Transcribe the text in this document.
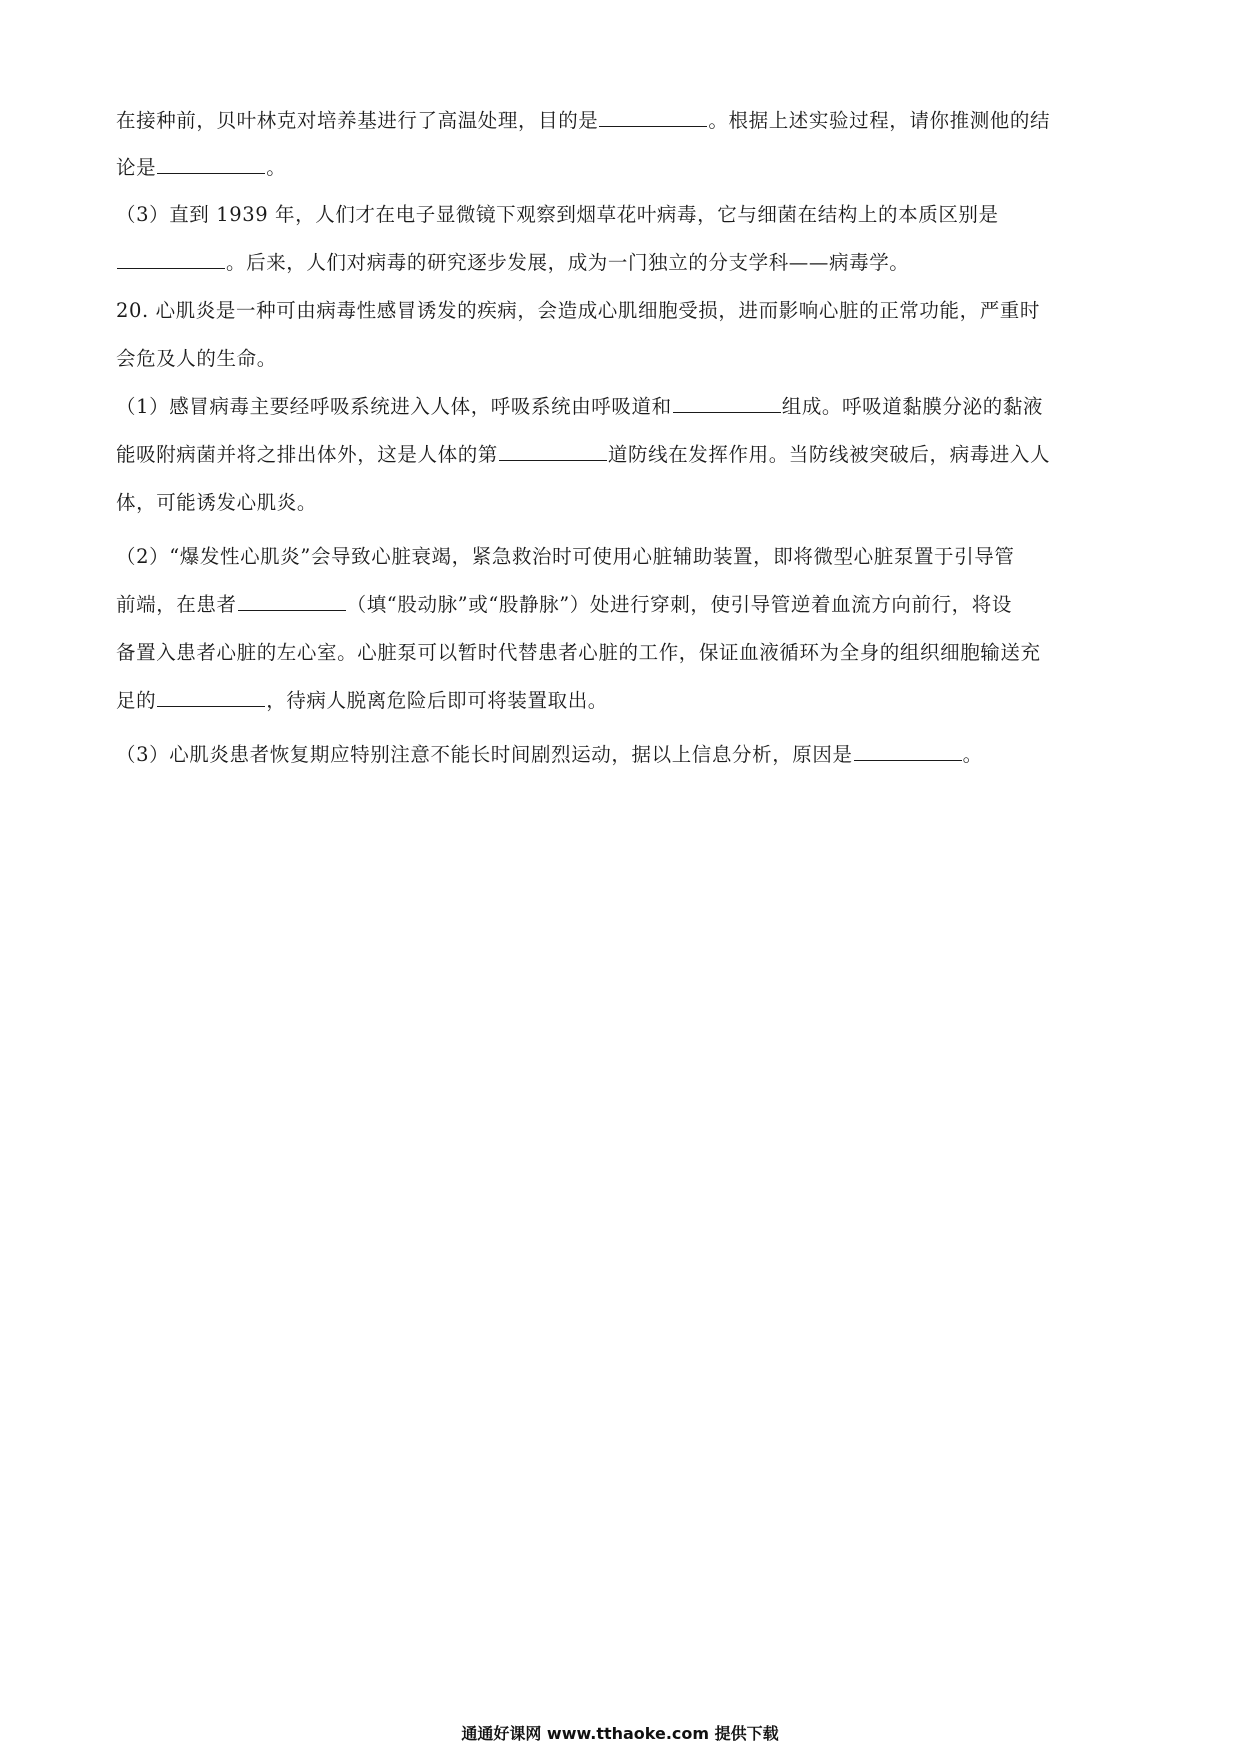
在接种前，贝叶林克对培养基进行了高温处理，目的是	。根据上述实验过程，请你推测他的结
论是	。
（3）直到 1939 年，人们才在电子显微镜下观察到烟草花叶病毒，它与细菌在结构上的本质区别是
。后来，人们对病毒的研究逐步发展，成为一门独立的分支学科——病毒学。
20. 心肌炎是一种可由病毒性感冒诱发的疾病，会造成心肌细胞受损，进而影响心脏的正常功能，严重时
会危及人的生命。
（1）感冒病毒主要经呼吸系统进入人体，呼吸系统由呼吸道和	组成。呼吸道黏膜分泌的黏液
能吸附病菌并将之排出体外，这是人体的第	道防线在发挥作用。当防线被突破后，病毒进入人
体，可能诱发心肌炎。
（2）“爆发性心肌炎”会导致心脏衰竭，紧急救治时可使用心脏辅助装置，即将微型心脏泵置于引导管
前端，在患者	（填“股动脉”或“股静脉”）处进行穿刺，使引导管逆着血流方向前行，将设
备置入患者心脏的左心室。心脏泵可以暂时代替患者心脏的工作，保证血液循环为全身的组织细胞输送充
足的	，待病人脱离危险后即可将装置取出。
（3）心肌炎患者恢复期应特别注意不能长时间剧烈运动，据以上信息分析，原因是	。
通通好课网 www.tthaoke.com 提供下载
